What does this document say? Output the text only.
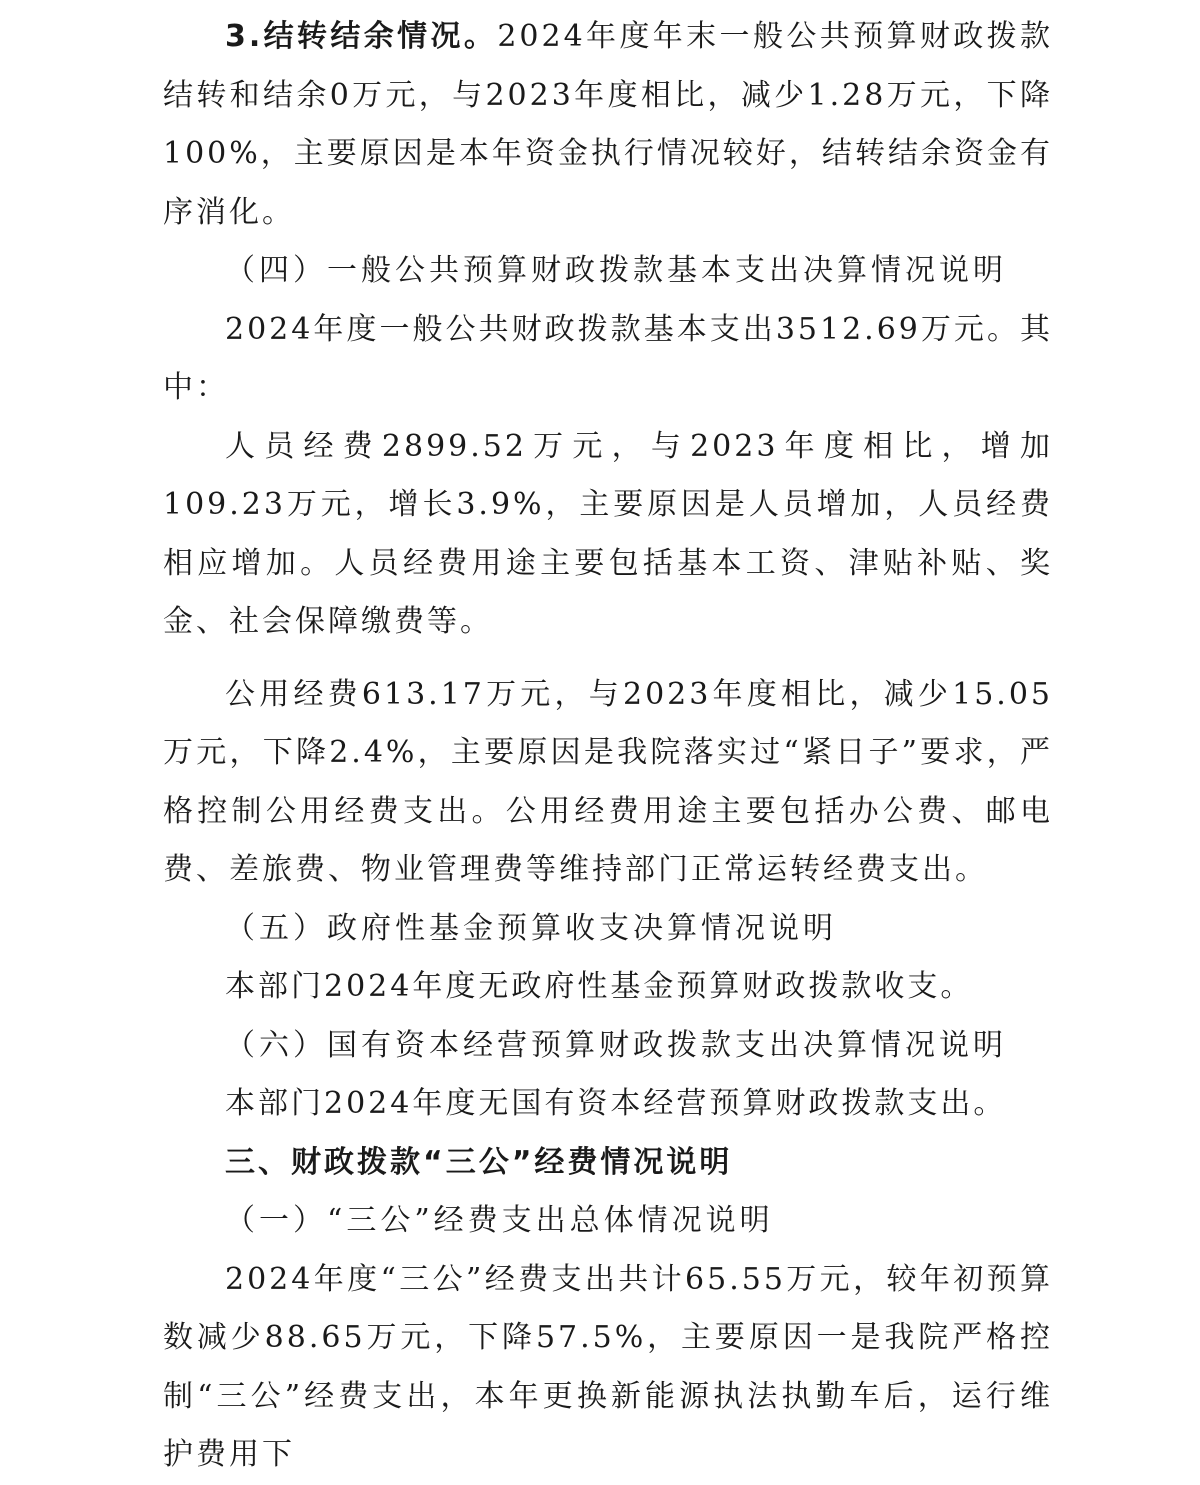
3.结转结余情况。2024年度年末一般公共预算财政拨款结转和结余0万元，与2023年度相比，减少1.28万元，下降100%，主要原因是本年资金执行情况较好，结转结余资金有序消化。

（四）一般公共预算财政拨款基本支出决算情况说明

2024年度一般公共财政拨款基本支出3512.69万元。其中：

人员经费2899.52万元，与2023年度相比，增加109.23万元，增长3.9%，主要原因是人员增加，人员经费相应增加。人员经费用途主要包括基本工资、津贴补贴、奖金、社会保障缴费等。

公用经费613.17万元，与2023年度相比，减少15.05万元，下降2.4%，主要原因是我院落实过“紧日子”要求，严格控制公用经费支出。公用经费用途主要包括办公费、邮电费、差旅费、物业管理费等维持部门正常运转经费支出。

（五）政府性基金预算收支决算情况说明

本部门2024年度无政府性基金预算财政拨款收支。

（六）国有资本经营预算财政拨款支出决算情况说明

本部门2024年度无国有资本经营预算财政拨款支出。

三、财政拨款“三公”经费情况说明

（一）“三公”经费支出总体情况说明

2024年度“三公”经费支出共计65.55万元，较年初预算数减少88.65万元，下降57.5%，主要原因一是我院严格控制“三公”经费支出，本年更换新能源执法执勤车后，运行维护费用下
